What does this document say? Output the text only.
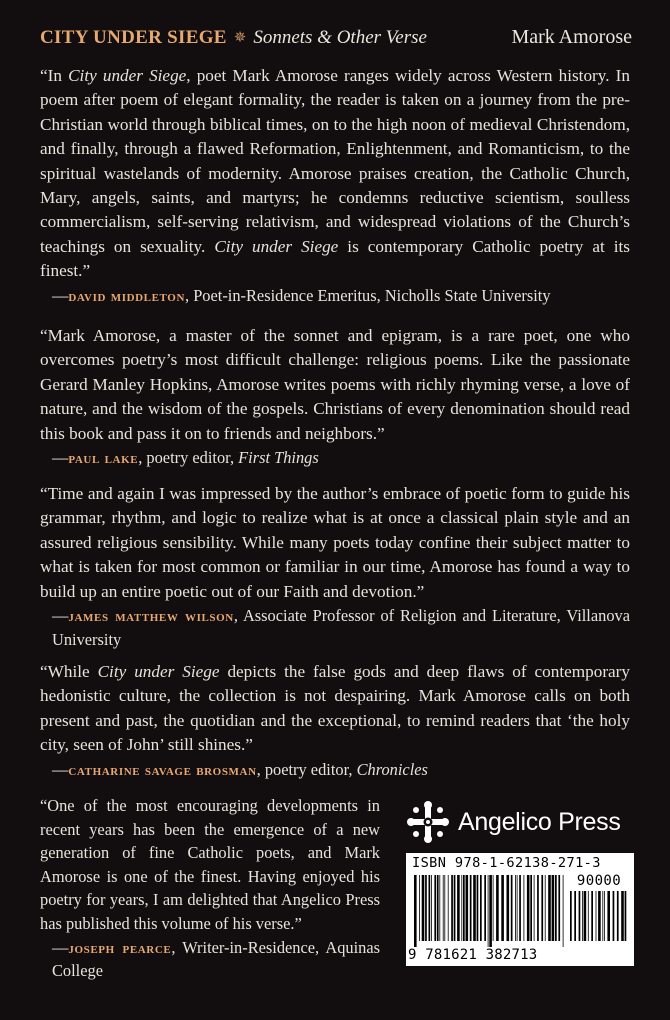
CITY UNDER SIEGE ✵ Sonnets & Other Verse	Mark Amorose

“In City under Siege, poet Mark Amorose ranges widely across Western history. In poem after poem of elegant formality, the reader is taken on a journey from the pre-Christian world through biblical times, on to the high noon of medieval Christendom, and finally, through a flawed Reformation, Enlightenment, and Romanticism, to the spiritual wastelands of modernity. Amorose praises creation, the Catholic Church, Mary, angels, saints, and martyrs; he condemns reductive scientism, soulless commercialism, self-serving relativism, and widespread violations of the Church’s teachings on sexuality. City under Siege is contemporary Catholic poetry at its finest.”

—david middleton, Poet-in-Residence Emeritus, Nicholls State University

“Mark Amorose, a master of the sonnet and epigram, is a rare poet, one who overcomes poetry’s most difficult challenge: religious poems. Like the passionate Gerard Manley Hopkins, Amorose writes poems with richly rhyming verse, a love of nature, and the wisdom of the gospels. Christians of every denomination should read this book and pass it on to friends and neighbors.”

—paul lake, poetry editor, First Things

“Time and again I was impressed by the author’s embrace of poetic form to guide his grammar, rhythm, and logic to realize what is at once a classical plain style and an assured religious sensibility. While many poets today confine their subject matter to what is taken for most common or familiar in our time, Amorose has found a way to build up an entire poetic out of our Faith and devotion.”

—james matthew wilson, Associate Professor of Religion and Literature, Villanova University

“While City under Siege depicts the false gods and deep flaws of contemporary hedonistic culture, the collection is not despairing. Mark Amorose calls on both present and past, the quotidian and the exceptional, to remind readers that ‘the holy city, seen of John’ still shines.”

—catharine savage brosman, poetry editor, Chronicles

“One of the most encouraging developments in recent years has been the emergence of a new generation of fine Catholic poets, and Mark Amorose is one of the finest. Having enjoyed his poetry for years, I am delighted that Angelico Press has published this volume of his verse.”

—joseph pearce, Writer-in-Residence, Aquinas College

Angelico Press
ISBN 978-1-62138-271-3
90000
9 781621 382713
